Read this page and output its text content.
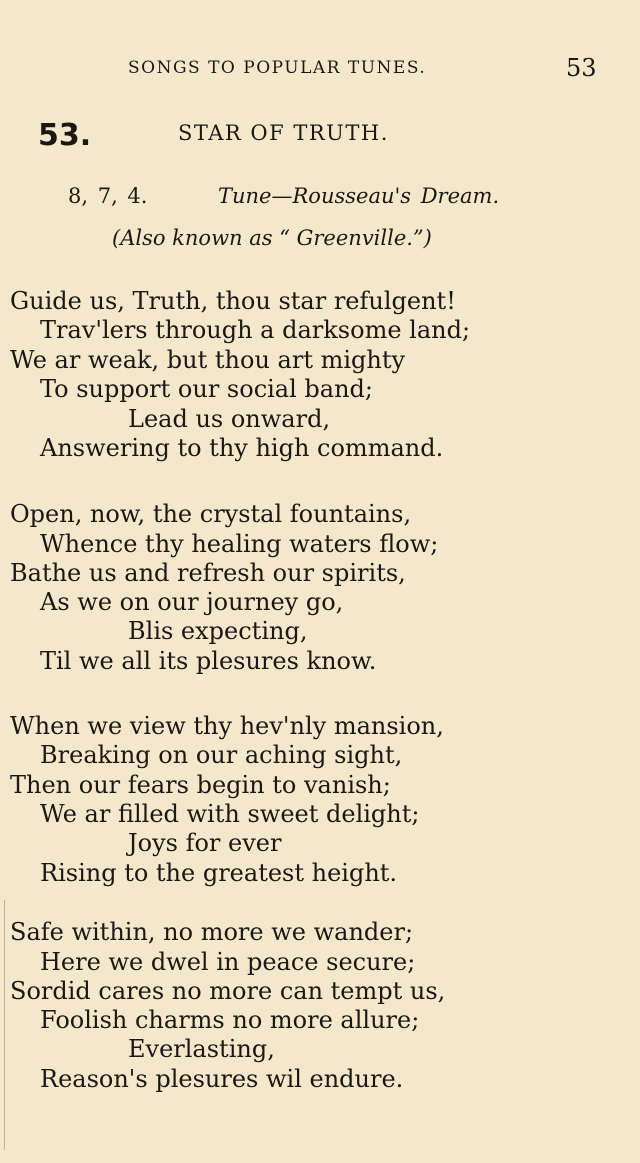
SONGS TO POPULAR TUNES.	53
53.	STAR OF TRUTH.
8, 7, 4.	Tune—Rousseau's Dream.
(Also known as “ Greenville.”)
Guide us, Truth, thou star refulgent!
Trav'lers through a darksome land;
We ar weak, but thou art mighty
To support our social band;
Lead us onward,
Answering to thy high command.
Open, now, the crystal fountains,
Whence thy healing waters flow;
Bathe us and refresh our spirits,
As we on our journey go,
Blis expecting,
Til we all its plesures know.
When we view thy hev'nly mansion,
Breaking on our aching sight,
Then our fears begin to vanish;
We ar filled with sweet delight;
Joys for ever
Rising to the greatest height.
Safe within, no more we wander;
Here we dwel in peace secure;
Sordid cares no more can tempt us,
Foolish charms no more allure;
Everlasting,
Reason's plesures wil endure.
